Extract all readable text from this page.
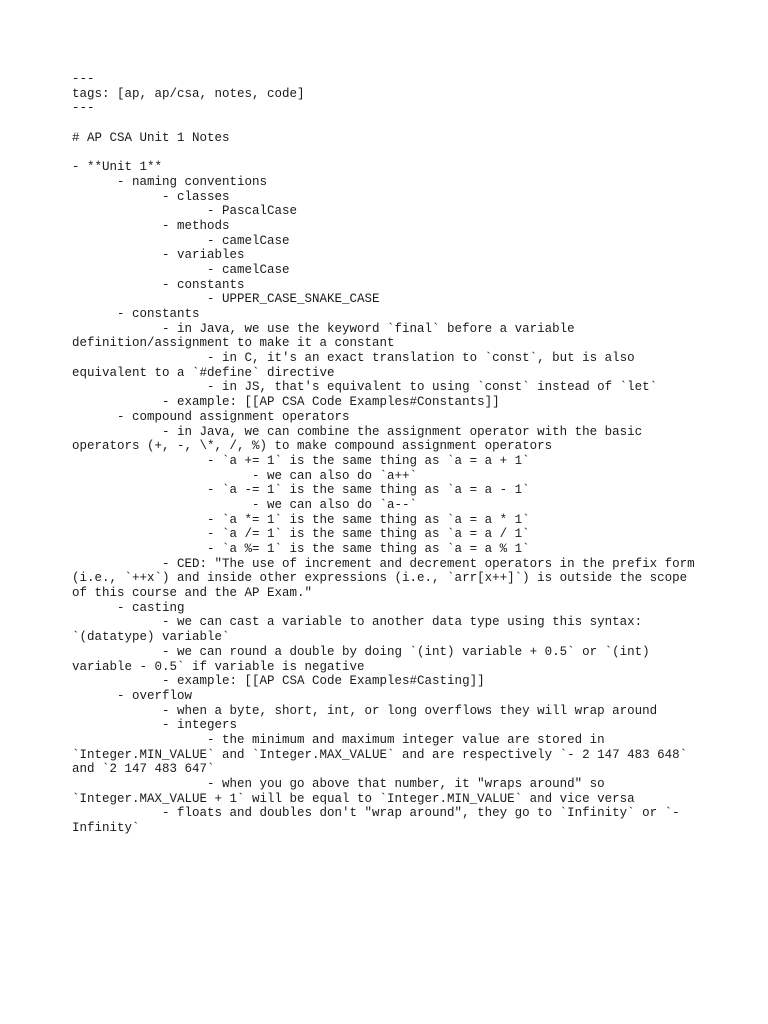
---
tags: [ap, ap/csa, notes, code]
---
# AP CSA Unit 1 Notes
- **Unit 1**
- naming conventions
- classes
- PascalCase
- methods
- camelCase
- variables
- camelCase
- constants
- UPPER_CASE_SNAKE_CASE
- constants
- in Java, we use the keyword `final` before a variable
definition/assignment to make it a constant
- in C, it's an exact translation to `const`, but is also
equivalent to a `#define` directive
- in JS, that's equivalent to using `const` instead of `let`
- example: [[AP CSA Code Examples#Constants]]
- compound assignment operators
- in Java, we can combine the assignment operator with the basic
operators (+, -, \*, /, %) to make compound assignment operators
- `a += 1` is the same thing as `a = a + 1`
- we can also do `a++`
- `a -= 1` is the same thing as `a = a - 1`
- we can also do `a--`
- `a *= 1` is the same thing as `a = a * 1`
- `a /= 1` is the same thing as `a = a / 1`
- `a %= 1` is the same thing as `a = a % 1`
- CED: "The use of increment and decrement operators in the prefix form
(i.e., `++x`) and inside other expressions (i.e., `arr[x++]`) is outside the scope
of this course and the AP Exam."
- casting
- we can cast a variable to another data type using this syntax:
`(datatype) variable`
- we can round a double by doing `(int) variable + 0.5` or `(int)
variable - 0.5` if variable is negative
- example: [[AP CSA Code Examples#Casting]]
- overflow
- when a byte, short, int, or long overflows they will wrap around
- integers
- the minimum and maximum integer value are stored in
`Integer.MIN_VALUE` and `Integer.MAX_VALUE` and are respectively `- 2 147 483 648`
and `2 147 483 647`
- when you go above that number, it "wraps around" so
`Integer.MAX_VALUE + 1` will be equal to `Integer.MIN_VALUE` and vice versa
- floats and doubles don't "wrap around", they go to `Infinity` or `-
Infinity`
